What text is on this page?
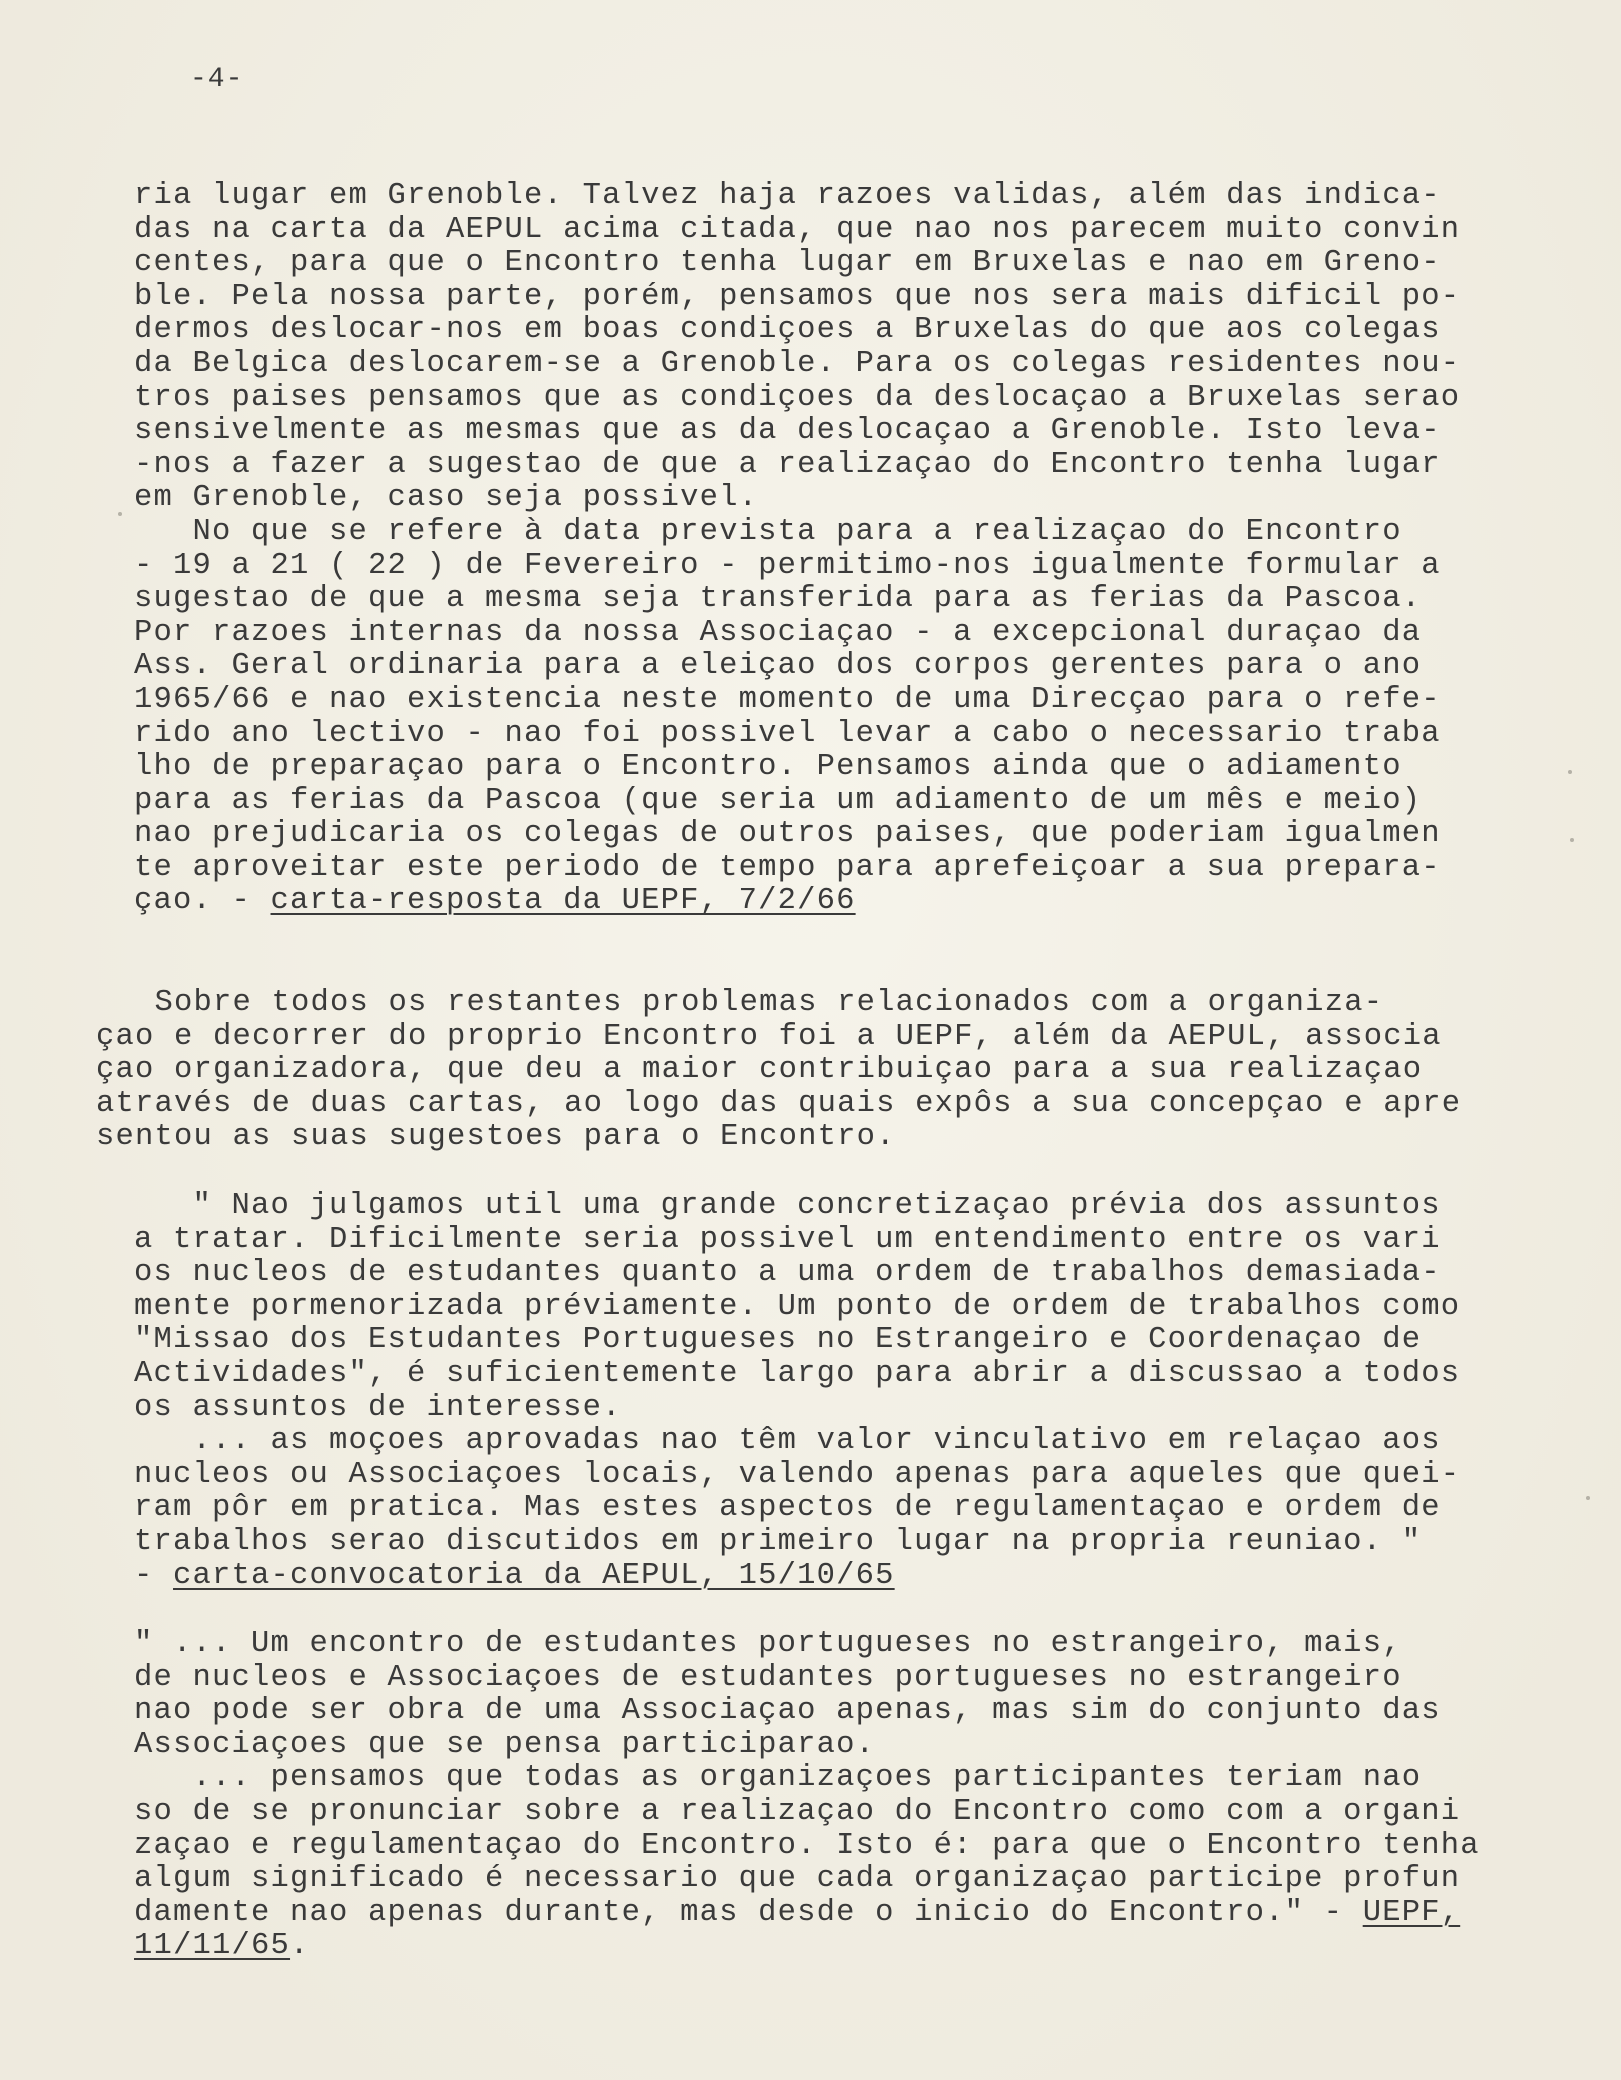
-4-
ria lugar em Grenoble. Talvez haja razoes validas, além das indica-
das na carta da AEPUL acima citada, que nao nos parecem muito convin
centes, para que o Encontro tenha lugar em Bruxelas e nao em Greno-
ble. Pela nossa parte, porém, pensamos que nos sera mais dificil po-
dermos deslocar-nos em boas condiçoes a Bruxelas do que aos colegas
da Belgica deslocarem-se a Grenoble. Para os colegas residentes nou-
tros paises pensamos que as condiçoes da deslocaçao a Bruxelas serao
sensivelmente as mesmas que as da deslocaçao a Grenoble. Isto leva-
-nos a fazer a sugestao de que a realizaçao do Encontro tenha lugar
em Grenoble, caso seja possivel.
No que se refere à data prevista para a realizaçao do Encontro
- 19 a 21 ( 22 ) de Fevereiro - permitimo-nos igualmente formular a
sugestao de que a mesma seja transferida para as ferias da Pascoa.
Por razoes internas da nossa Associaçao - a excepcional duraçao da
Ass. Geral ordinaria para a eleiçao dos corpos gerentes para o ano
1965/66 e nao existencia neste momento de uma Direcçao para o refe-
rido ano lectivo - nao foi possivel levar a cabo o necessario traba
lho de preparaçao para o Encontro. Pensamos ainda que o adiamento
para as ferias da Pascoa (que seria um adiamento de um mês e meio)
nao prejudicaria os colegas de outros paises, que poderiam igualmen
te aproveitar este periodo de tempo para aprefeiçoar a sua prepara-
çao. - carta-resposta da UEPF, 7/2/66
Sobre todos os restantes problemas relacionados com a organiza-
çao e decorrer do proprio Encontro foi a UEPF, além da AEPUL, associa
çao organizadora, que deu a maior contribuiçao para a sua realizaçao
através de duas cartas, ao logo das quais expôs a sua concepçao e apre
sentou as suas sugestoes para o Encontro.
" Nao julgamos util uma grande concretizaçao prévia dos assuntos
a tratar. Dificilmente seria possivel um entendimento entre os vari
os nucleos de estudantes quanto a uma ordem de trabalhos demasiada-
mente pormenorizada préviamente. Um ponto de ordem de trabalhos como
"Missao dos Estudantes Portugueses no Estrangeiro e Coordenaçao de
Actividades", é suficientemente largo para abrir a discussao a todos
os assuntos de interesse.
... as moçoes aprovadas nao têm valor vinculativo em relaçao aos
nucleos ou Associaçoes locais, valendo apenas para aqueles que quei-
ram pôr em pratica. Mas estes aspectos de regulamentaçao e ordem de
trabalhos serao discutidos em primeiro lugar na propria reuniao. "
- carta-convocatoria da AEPUL, 15/10/65
" ... Um encontro de estudantes portugueses no estrangeiro, mais,
de nucleos e Associaçoes de estudantes portugueses no estrangeiro
nao pode ser obra de uma Associaçao apenas, mas sim do conjunto das
Associaçoes que se pensa participarao.
... pensamos que todas as organizaçoes participantes teriam nao
so de se pronunciar sobre a realizaçao do Encontro como com a organi
zaçao e regulamentaçao do Encontro. Isto é: para que o Encontro tenha
algum significado é necessario que cada organizaçao participe profun
damente nao apenas durante, mas desde o inicio do Encontro." - UEPF,
11/11/65.
